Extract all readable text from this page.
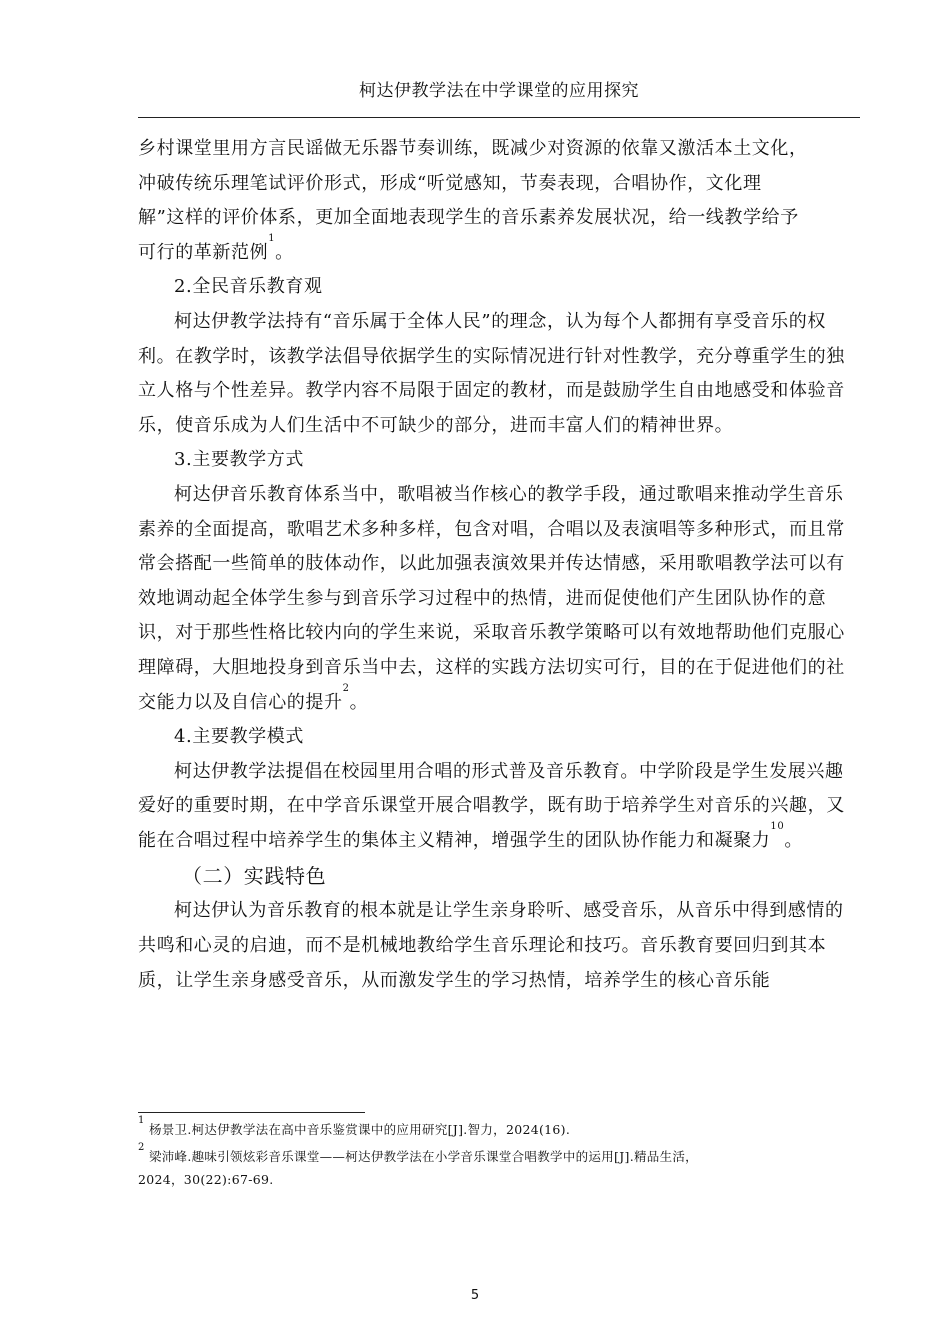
柯达伊教学法在中学课堂的应用探究

乡村课堂里用方言民谣做无乐器节奏训练，既减少对资源的依靠又激活本土文化，
冲破传统乐理笔试评价形式，形成“听觉感知，节奏表现，合唱协作，文化理
解”这样的评价体系，更加全面地表现学生的音乐素养发展状况，给一线教学给予
可行的革新范例$^1$。

2.全民音乐教育观

柯达伊教学法持有“音乐属于全体人民”的理念，认为每个人都拥有享受音乐的权利。在教学时，该教学法倡导依据学生的实际情况进行针对性教学，充分尊重学生的独立人格与个性差异。教学内容不局限于固定的教材，而是鼓励学生自由地感受和体验音乐，使音乐成为人们生活中不可缺少的部分，进而丰富人们的精神世界。

3.主要教学方式

柯达伊音乐教育体系当中，歌唱被当作核心的教学手段，通过歌唱来推动学生音乐素养的全面提高，歌唱艺术多种多样，包含对唱，合唱以及表演唱等多种形式，而且常常会搭配一些简单的肢体动作，以此加强表演效果并传达情感，采用歌唱教学法可以有效地调动起全体学生参与到音乐学习过程中的热情，进而促使他们产生团队协作的意识，对于那些性格比较内向的学生来说，采取音乐教学策略可以有效地帮助他们克服心理障碍，大胆地投身到音乐当中去，这样的实践方法切实可行，目的在于促进他们的社交能力以及自信心的提升$^2$。

4.主要教学模式

柯达伊教学法提倡在校园里用合唱的形式普及音乐教育。中学阶段是学生发展兴趣爱好的重要时期，在中学音乐课堂开展合唱教学，既有助于培养学生对音乐的兴趣，又能在合唱过程中培养学生的集体主义精神，增强学生的团队协作能力和凝聚力$^{10}$。

（二）实践特色

柯达伊认为音乐教育的根本就是让学生亲身聆听、感受音乐，从音乐中得到感情的共鸣和心灵的启迪，而不是机械地教给学生音乐理论和技巧。音乐教育要回归到其本质，让学生亲身感受音乐，从而激发学生的学习热情，培养学生的核心音乐能

$^1$ 杨景卫.柯达伊教学法在高中音乐鉴赏课中的应用研究[J].智力，2024(16).

$^2$ 梁沛峰.趣味引领炫彩音乐课堂——柯达伊教学法在小学音乐课堂合唱教学中的运用[J].精品生活，
2024，30(22):67-69.

5
